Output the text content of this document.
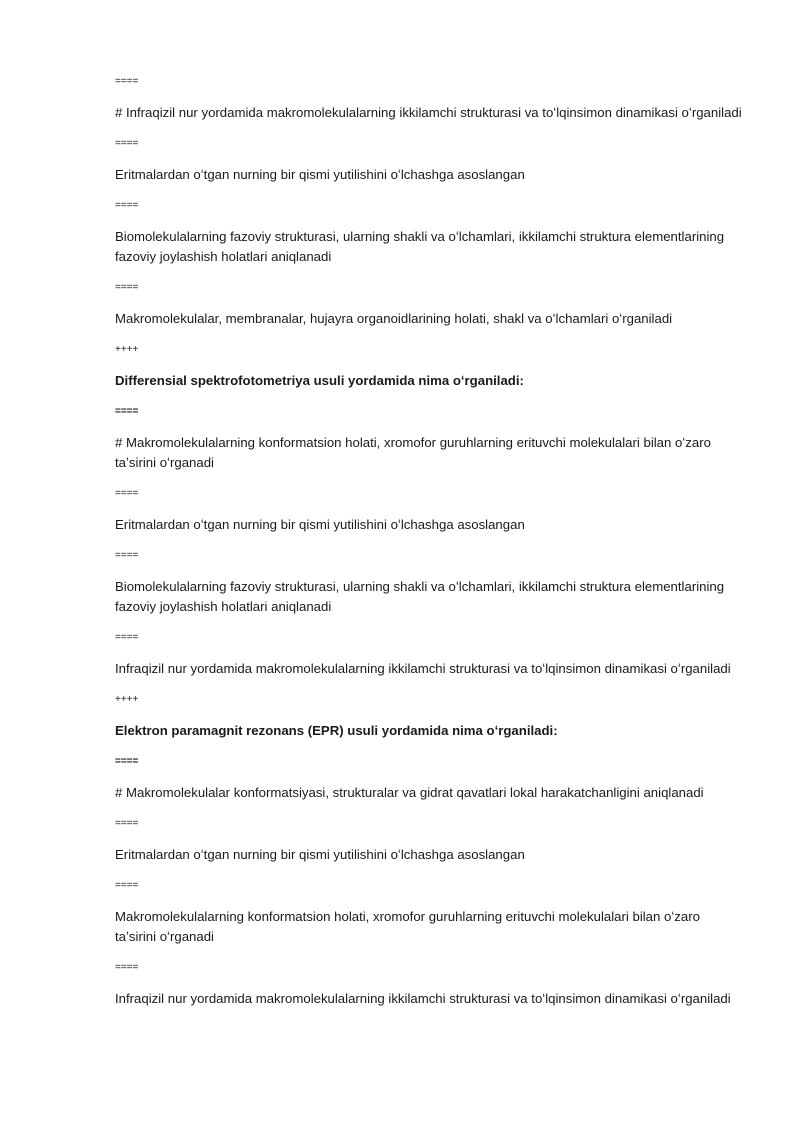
====

# Infraqizil nur yordamida makromolekulalarning ikkilamchi strukturasi va toʻlqinsimon dinamikasi oʻrganiladi

====

Eritmalardan oʻtgan nurning bir qismi yutilishini oʻlchashga asoslangan

====

Biomolekulalarning fazoviy strukturasi, ularning shakli va oʻlchamlari, ikkilamchi struktura elementlarining fazoviy joylashish holatlari aniqlanadi

====

Makromolekulalar, membranalar, hujayra organoidlarining holati, shakl va oʻlchamlari oʻrganiladi

++++

Differensial spektrofotometriya usuli yordamida nima oʻrganiladi:

====

# Makromolekulalarning konformatsion holati, xromofor guruhlarning erituvchi molekulalari bilan oʻzaro taʼsirini oʻrganadi

====

Eritmalardan oʻtgan nurning bir qismi yutilishini oʻlchashga asoslangan

====

Biomolekulalarning fazoviy strukturasi, ularning shakli va oʻlchamlari, ikkilamchi struktura elementlarining fazoviy joylashish holatlari aniqlanadi

====

Infraqizil nur yordamida makromolekulalarning ikkilamchi strukturasi va toʻlqinsimon dinamikasi oʻrganiladi

++++

Elektron paramagnit rezonans (EPR) usuli yordamida nima oʻrganiladi:

====

# Makromolekulalar konformatsiyasi, strukturalar va gidrat qavatlari lokal harakatchanligini aniqlanadi

====

Eritmalardan oʻtgan nurning bir qismi yutilishini oʻlchashga asoslangan

====

Makromolekulalarning konformatsion holati, xromofor guruhlarning erituvchi molekulalari bilan oʻzaro taʼsirini oʻrganadi

====

Infraqizil nur yordamida makromolekulalarning ikkilamchi strukturasi va toʻlqinsimon dinamikasi oʻrganiladi
